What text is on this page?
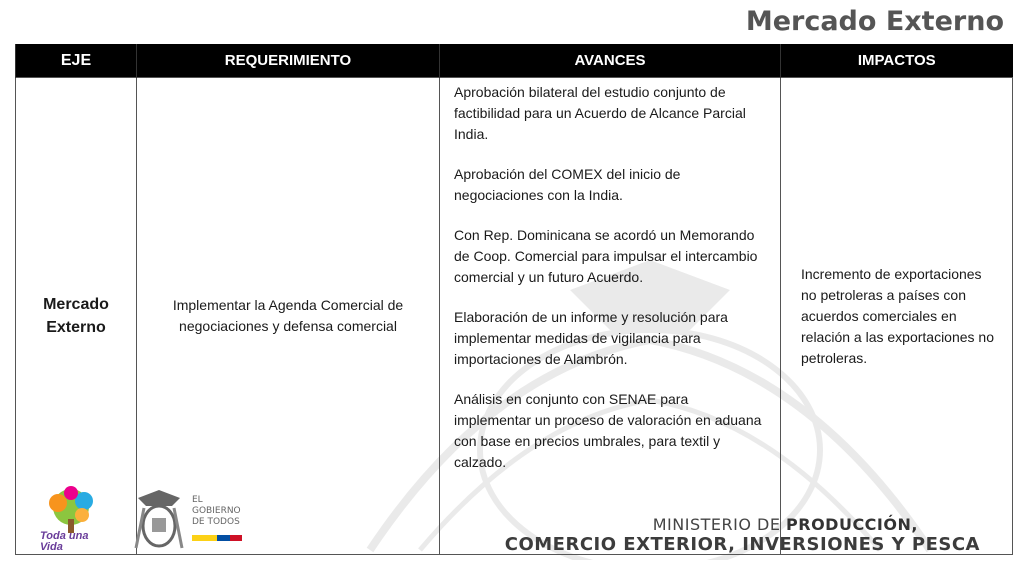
Mercado Externo
EJE	REQUERIMIENTO	AVANCES	IMPACTOS
Mercado Externo	Implementar la Agenda Comercial de negociaciones y defensa comercial	Aprobación bilateral del estudio conjunto de factibilidad para un Acuerdo de Alcance Parcial India.

Aprobación del COMEX del inicio de negociaciones con la India.

Con Rep. Dominicana se acordó un Memorando de Coop. Comercial para impulsar el intercambio comercial y un futuro Acuerdo.

Elaboración de un informe y resolución para implementar medidas de vigilancia para importaciones de Alambrón.

Análisis en conjunto con SENAE para implementar un proceso de valoración en aduana con base en precios umbrales, para textil y calzado.	Incremento de exportaciones no petroleras a países con acuerdos comerciales en relación a las exportaciones no petroleras.
Toda una Vida
EL
GOBIERNO
DE TODOS	MINISTERIO DE PRODUCCIÓN,
COMERCIO EXTERIOR, INVERSIONES Y PESCA
